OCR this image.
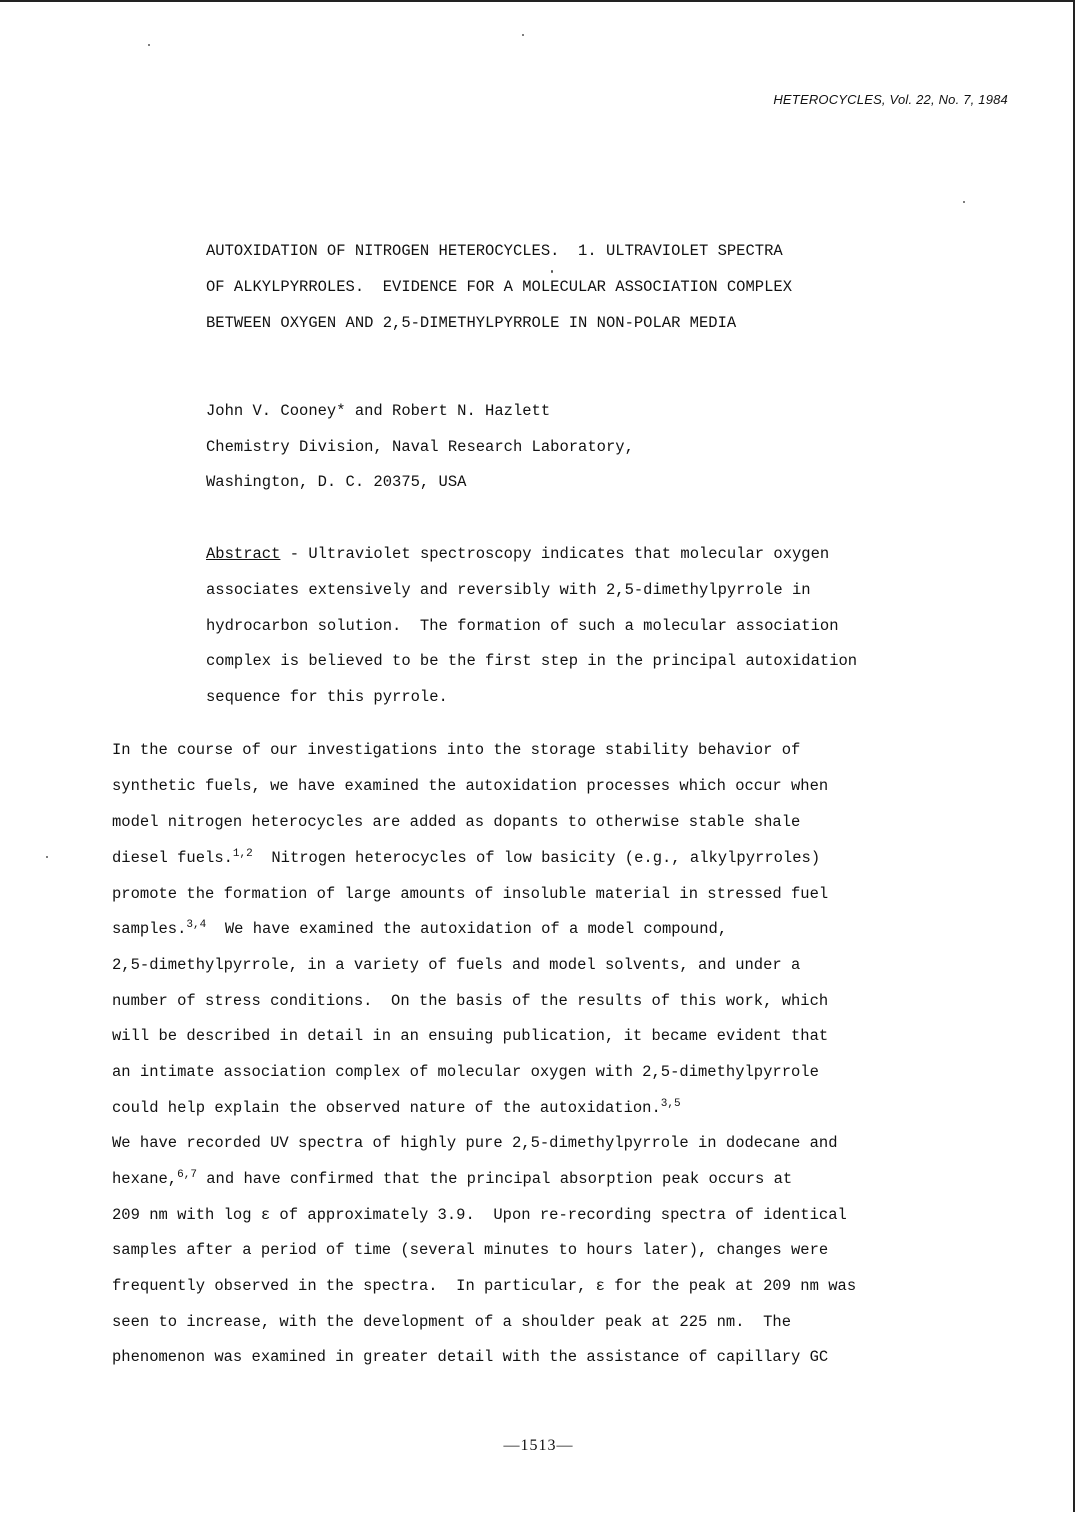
HETEROCYCLES, Vol. 22, No. 7, 1984
AUTOXIDATION OF NITROGEN HETEROCYCLES.  1. ULTRAVIOLET SPECTRA
OF ALKYLPYRROLES.  EVIDENCE FOR A MOLECULAR ASSOCIATION COMPLEX
BETWEEN OXYGEN AND 2,5-DIMETHYLPYRROLE IN NON-POLAR MEDIA
John V. Cooney* and Robert N. Hazlett
Chemistry Division, Naval Research Laboratory,
Washington, D. C. 20375, USA
Abstract - Ultraviolet spectroscopy indicates that molecular oxygen
associates extensively and reversibly with 2,5-dimethylpyrrole in
hydrocarbon solution.  The formation of such a molecular association
complex is believed to be the first step in the principal autoxidation
sequence for this pyrrole.
In the course of our investigations into the storage stability behavior of
synthetic fuels, we have examined the autoxidation processes which occur when
model nitrogen heterocycles are added as dopants to otherwise stable shale
diesel fuels.$^{1,2}$  Nitrogen heterocycles of low basicity (e.g., alkylpyrroles)
promote the formation of large amounts of insoluble material in stressed fuel
samples.$^{3,4}$  We have examined the autoxidation of a model compound,
2,5-dimethylpyrrole, in a variety of fuels and model solvents, and under a
number of stress conditions.  On the basis of the results of this work, which
will be described in detail in an ensuing publication, it became evident that
an intimate association complex of molecular oxygen with 2,5-dimethylpyrrole
could help explain the observed nature of the autoxidation.$^{3,5}$
We have recorded UV spectra of highly pure 2,5-dimethylpyrrole in dodecane and
hexane,$^{6,7}$ and have confirmed that the principal absorption peak occurs at
209 nm with log ε of approximately 3.9.  Upon re-recording spectra of identical
samples after a period of time (several minutes to hours later), changes were
frequently observed in the spectra.  In particular, ε for the peak at 209 nm was
seen to increase, with the development of a shoulder peak at 225 nm.  The
phenomenon was examined in greater detail with the assistance of capillary GC
—1513—
